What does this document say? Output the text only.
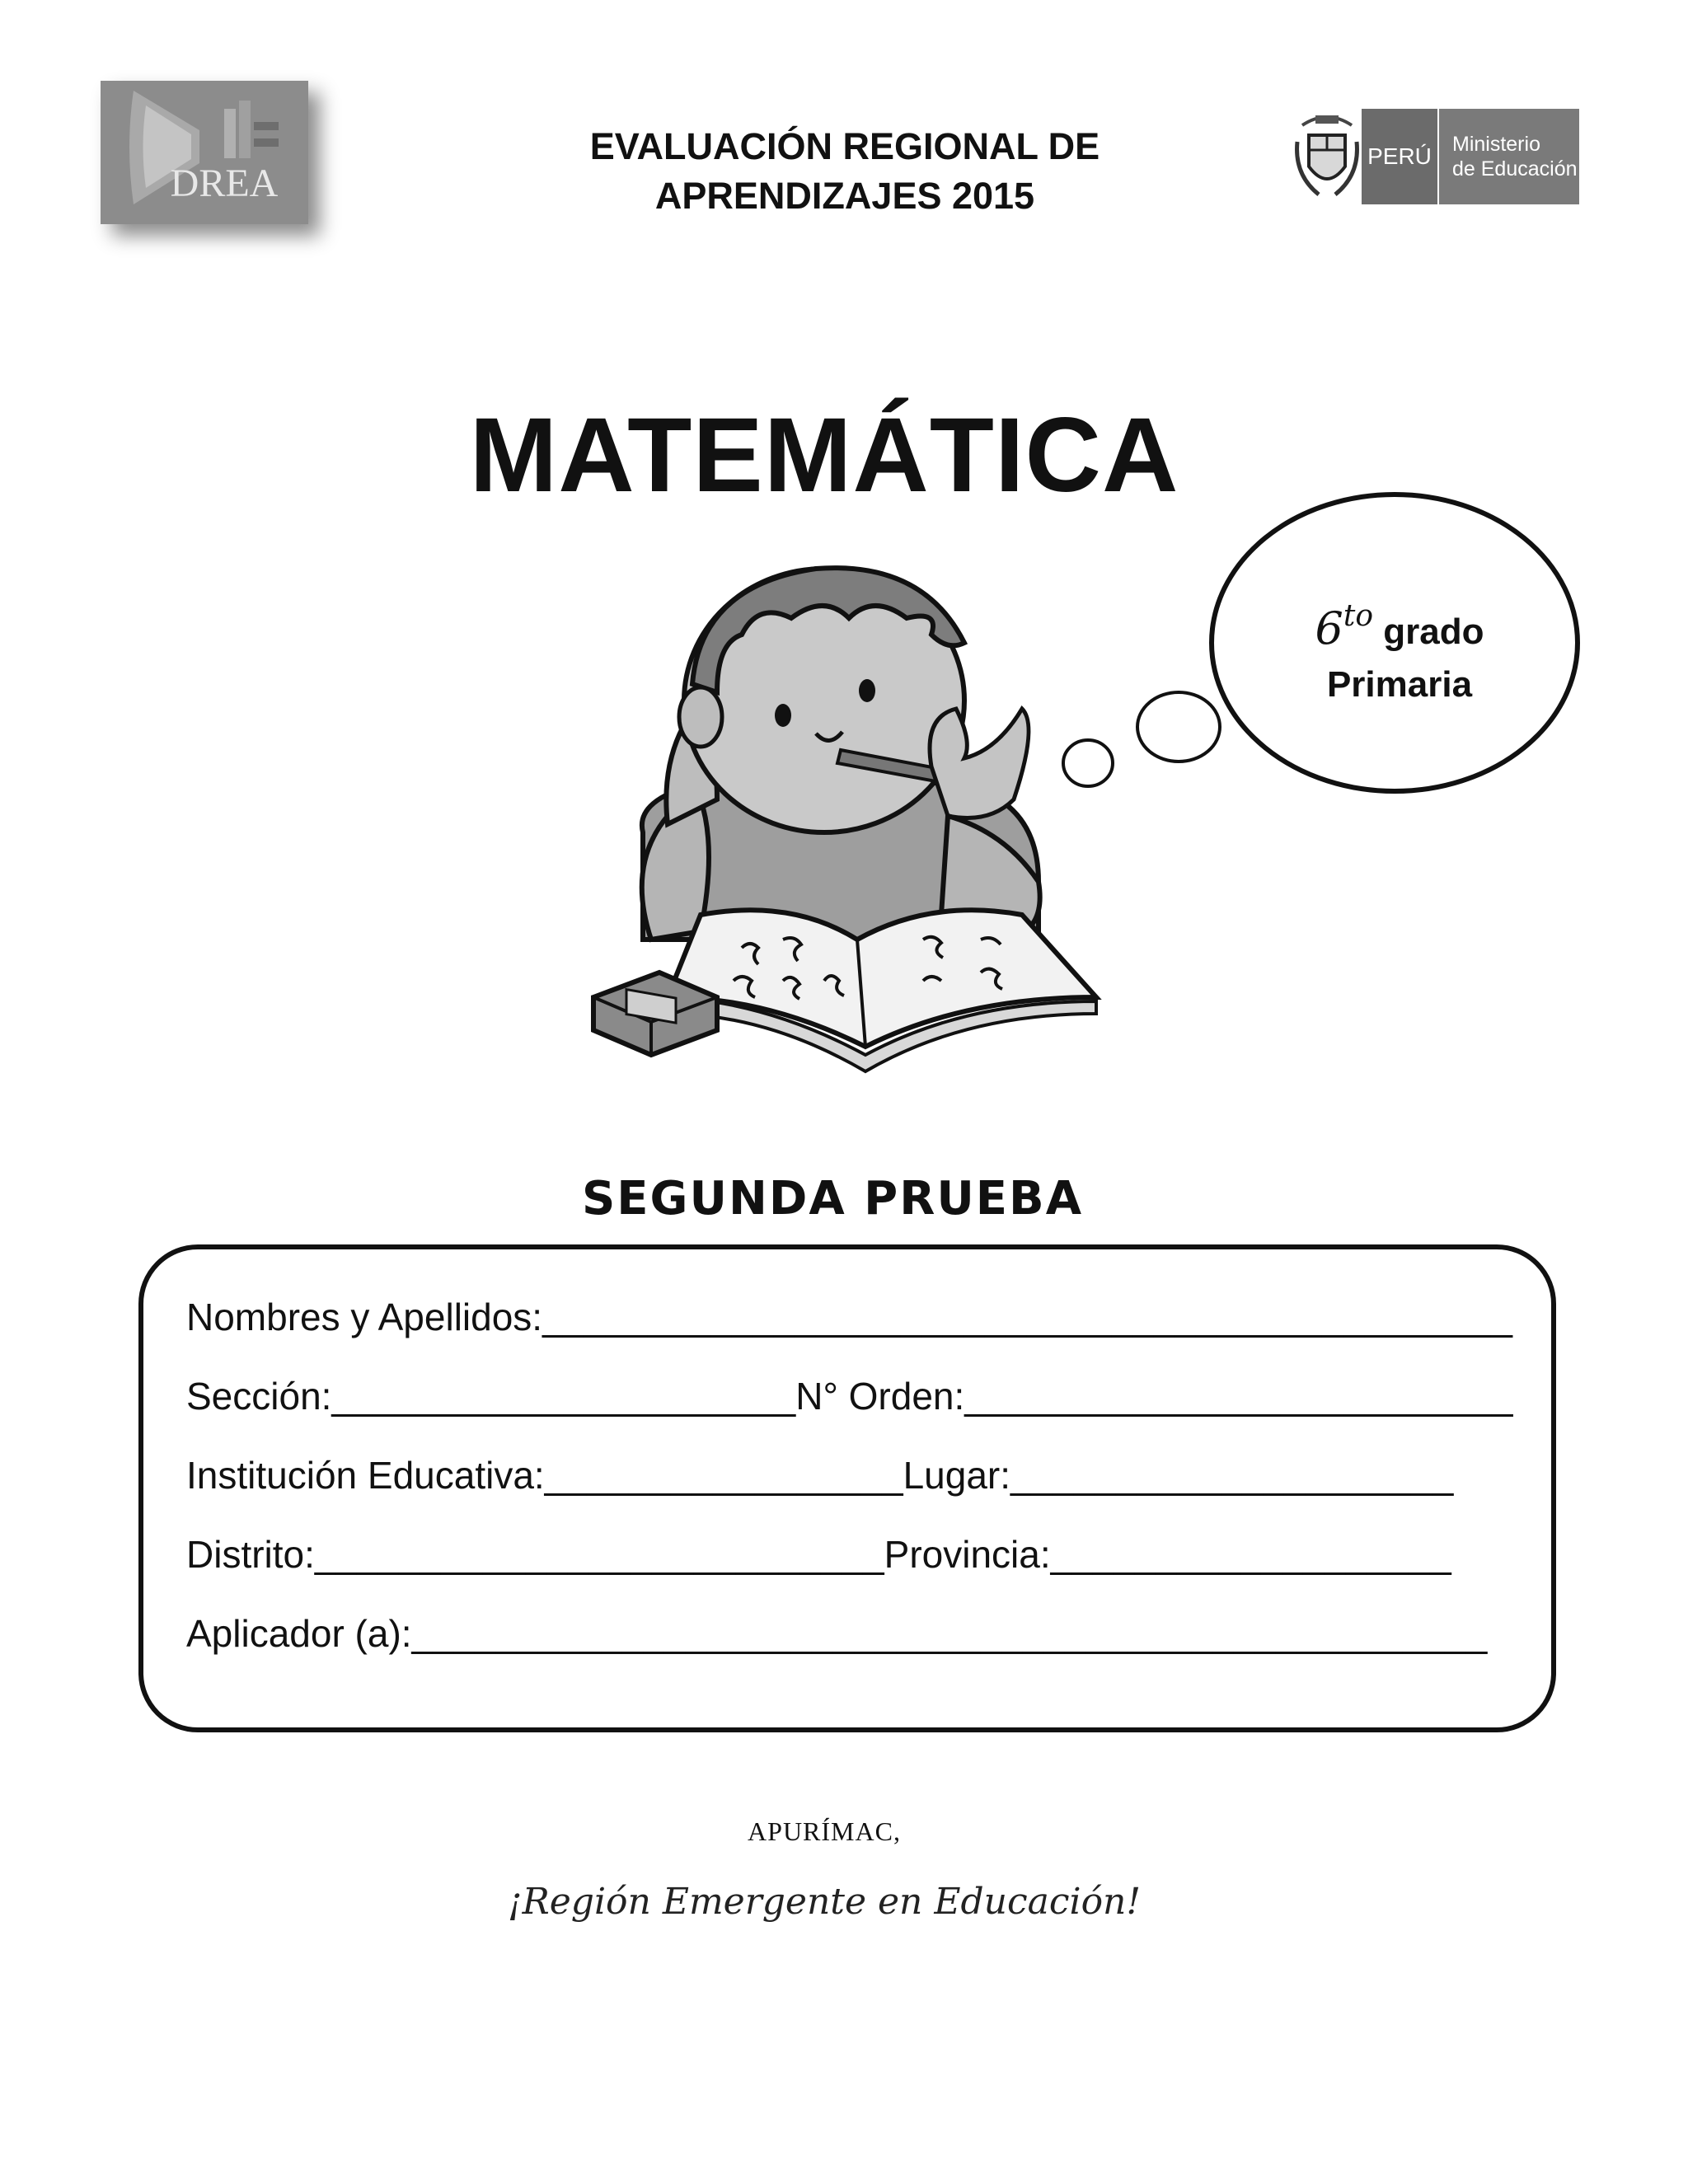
DREA
EVALUACIÓN REGIONAL DE
APRENDIZAJES 2015
PERÚ Ministerio
de Educación
MATEMÁTICA
$6^{to}$ grado
Primaria
SEGUNDA PRUEBA
Nombres y Apellidos:______________________________________________
Sección:______________________N° Orden:__________________________
Institución Educativa:_________________Lugar:_____________________
Distrito:___________________________Provincia:___________________
Aplicador (a):___________________________________________________
APURÍMAC,
¡Región Emergente en Educación!
